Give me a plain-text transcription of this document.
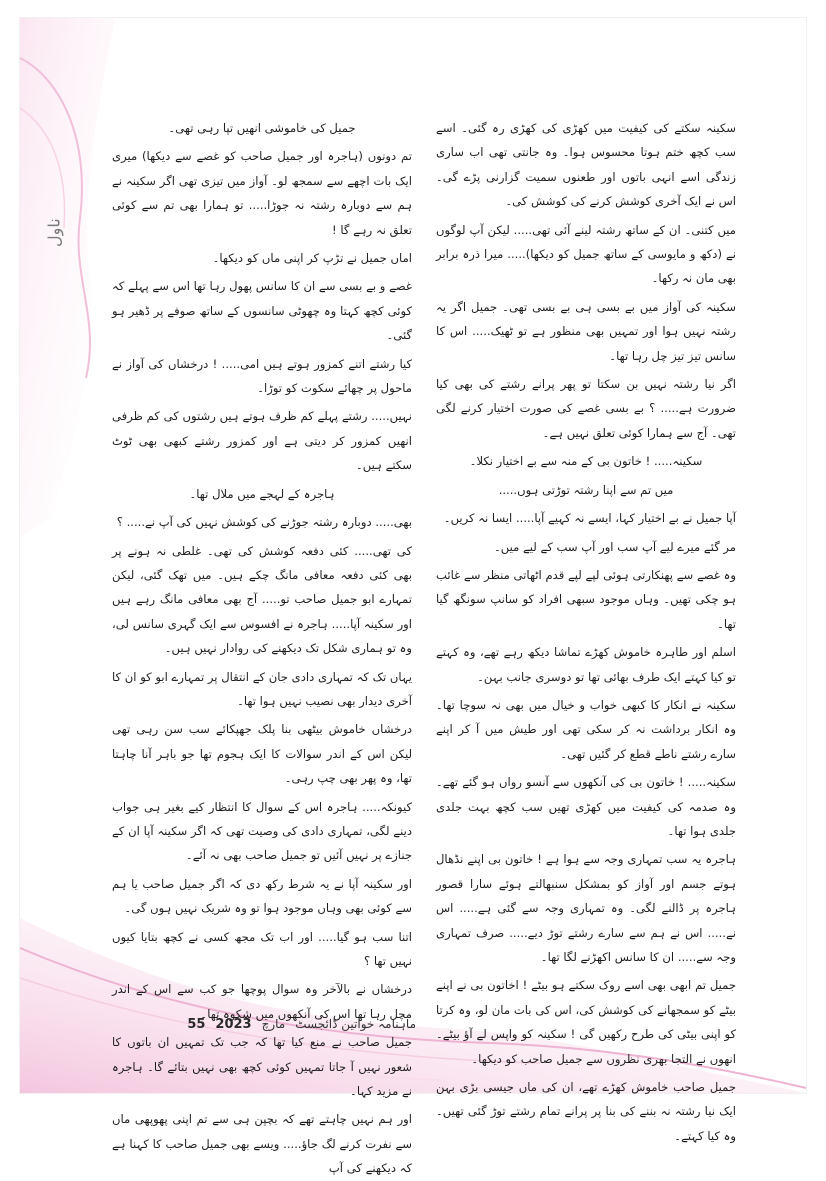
ناول

سکینہ سکتے کی کیفیت میں کھڑی کی کھڑی رہ گئی۔ اسے سب کچھ ختم ہوتا محسوس ہوا۔ وہ جانتی تھی اب ساری زندگی اسے انہی باتوں اور طعنوں سمیت گزارنی پڑے گی۔ اس نے ایک آخری کوشش کرنے کی کوشش کی۔

میں کتنی۔ ان کے ساتھ رشتہ لینے آئی تھی..... لیکن آپ لوگوں نے (دکھ و مایوسی کے ساتھ جمیل کو دیکھا)..... میرا ذرہ برابر بھی مان نہ رکھا۔

سکینہ کی آواز میں بے بسی ہی بے بسی تھی۔ جمیل اگر یہ رشتہ نہیں ہوا اور تمہیں بھی منظور ہے تو ٹھیک..... اس کا سانس تیز تیز چل رہا تھا۔

اگر نیا رشتہ نہیں بن سکتا تو پھر پرانے رشتے کی بھی کیا ضرورت ہے..... ؟ بے بسی غصے کی صورت اختیار کرنے لگی تھی۔ آج سے ہمارا کوئی تعلق نہیں ہے۔

سکینہ..... ! خاتون بی کے منہ سے بے اختیار نکلا۔

میں تم سے اپنا رشتہ توڑتی ہوں.....

آپا جمیل نے بے اختیار کہا، ایسے نہ کہیے آپا..... ایسا نہ کریں۔

مر گئے میرے لیے آپ سب اور آپ سب کے لیے میں۔

وہ غصے سے پھنکارتی ہوئی لپے لپے قدم اٹھاتی منظر سے غائب ہو چکی تھیں۔ وہاں موجود سبھی افراد کو سانپ سونگھ گیا تھا۔

اسلم اور طاہرہ خاموش کھڑے تماشا دیکھ رہے تھے، وہ کہتے تو کیا کہتے ایک طرف بھائی تھا تو دوسری جانب بہن۔

سکینہ نے انکار کا کبھی خواب و خیال میں بھی نہ سوچا تھا۔ وہ انکار برداشت نہ کر سکی تھی اور طیش میں آ کر اپنے سارے رشتے ناطے قطع کر گئیں تھی۔

سکینہ..... ! خاتون بی کی آنکھوں سے آنسو رواں ہو گئے تھے۔ وہ صدمہ کی کیفیت میں کھڑی تھیں سب کچھ بہت جلدی جلدی ہوا تھا۔

ہاجرہ یہ سب تمہاری وجہ سے ہوا ہے ! خاتون بی اپنے نڈھال ہوتے جسم اور آواز کو بمشکل سنبھالتے ہوئے سارا قصور ہاجرہ پر ڈالنے لگی۔ وہ تمہاری وجہ سے گئی ہے..... اس نے..... اس نے ہم سے سارے رشتے توڑ دیے..... صرف تمہاری وجہ سے..... ان کا سانس اکھڑنے لگا تھا۔

جمیل تم ابھی بھی اسے روک سکتے ہو بیٹے ! اخاتون بی نے اپنے بیٹے کو سمجھانے کی کوشش کی، اس کی بات مان لو، وہ کرتا کو اپنی بیٹی کی طرح رکھیں گی ! سکینہ کو واپس لے آؤ بیٹے۔ انھوں نے التجا بھری نظروں سے جمیل صاحب کو دیکھا۔

جمیل صاحب خاموش کھڑے تھے، ان کی ماں جیسی بڑی بہن ایک نیا رشتہ نہ بننے کی بنا پر پرانے تمام رشتے توڑ گئی تھیں۔ وہ کیا کہتے۔

جمیل کی خاموشی انھیں تپا رہی تھی۔

تم دونوں (ہاجرہ اور جمیل صاحب کو غصے سے دیکھا) میری ایک بات اچھے سے سمجھ لو۔ آواز میں تیزی تھی اگر سکینہ نے ہم سے دوبارہ رشتہ نہ جوڑا..... تو ہمارا بھی تم سے کوئی تعلق نہ رہے گا !

اماں جمیل نے تڑپ کر اپنی ماں کو دیکھا۔

غصے و بے بسی سے ان کا سانس پھول رہا تھا اس سے پہلے کہ کوئی کچھ کہتا وہ چھوٹی سانسوں کے ساتھ صوفے پر ڈھیر ہو گئی۔

کیا رشتے اتنے کمزور ہوتے ہیں امی..... ! درخشاں کی آواز نے ماحول پر چھائے سکوت کو توڑا۔

نہیں..... رشتے پہلے کم ظرف ہوتے ہیں رشتوں کی کم ظرفی انھیں کمزور کر دیتی ہے اور کمزور رشتے کبھی بھی ٹوٹ سکتے ہیں۔

ہاجرہ کے لہجے میں ملال تھا۔

بھی..... دوبارہ رشتہ جوڑنے کی کوشش نہیں کی آپ نے..... ؟

کی تھی..... کئی دفعہ کوشش کی تھی۔ غلطی نہ ہونے پر بھی کئی دفعہ معافی مانگ چکے ہیں۔ میں تھک گئی، لیکن تمہارے ابو جمیل صاحب تو..... آج بھی معافی مانگ رہے ہیں اور سکینہ آپا..... ہاجرہ نے افسوس سے ایک گہری سانس لی، وہ تو ہماری شکل تک دیکھنے کی روادار نہیں ہیں۔

یہاں تک کہ تمہاری دادی جان کے انتقال پر تمہارے ابو کو ان کا آخری دیدار بھی نصیب نہیں ہوا تھا۔

درخشاں خاموش بیٹھی بنا پلک جھپکائے سب سن رہی تھی لیکن اس کے اندر سوالات کا ایک ہجوم تھا جو باہر آنا چاہتا تھا، وہ پھر بھی چپ رہی۔

کیونکہ..... ہاجرہ اس کے سوال کا انتظار کیے بغیر ہی جواب دینے لگی، تمہاری دادی کی وصیت تھی کہ اگر سکینہ آپا ان کے جنازے پر نہیں آئیں تو جمیل صاحب بھی نہ آئے۔

اور سکینہ آپا نے یہ شرط رکھ دی کہ اگر جمیل صاحب یا ہم سے کوئی بھی وہاں موجود ہوا تو وہ شریک نہیں ہوں گی۔

اتنا سب ہو گیا..... اور اب تک مجھ کسی نے کچھ بتایا کیوں نہیں تھا ؟

درخشاں نے بالآخر وہ سوال پوچھا جو کب سے اس کے اندر مچل رہا تھا اس کی آنکھوں میں شکوہ تھا۔

جمیل صاحب نے منع کیا تھا کہ جب تک تمہیں ان باتوں کا شعور نہیں آ جاتا تمہیں کوئی کچھ بھی نہیں بتائے گا۔ ہاجرہ نے مزید کہا۔

اور ہم نہیں چاہتے تھے کہ بچپن ہی سے تم اپنی پھوپھی ماں سے نفرت کرنے لگ جاؤ..... ویسے بھی جمیل صاحب کا کہنا ہے کہ دیکھنے کی آپ

ماہنامہ خواتین ڈائجسٹ
مارچ
2023
55
